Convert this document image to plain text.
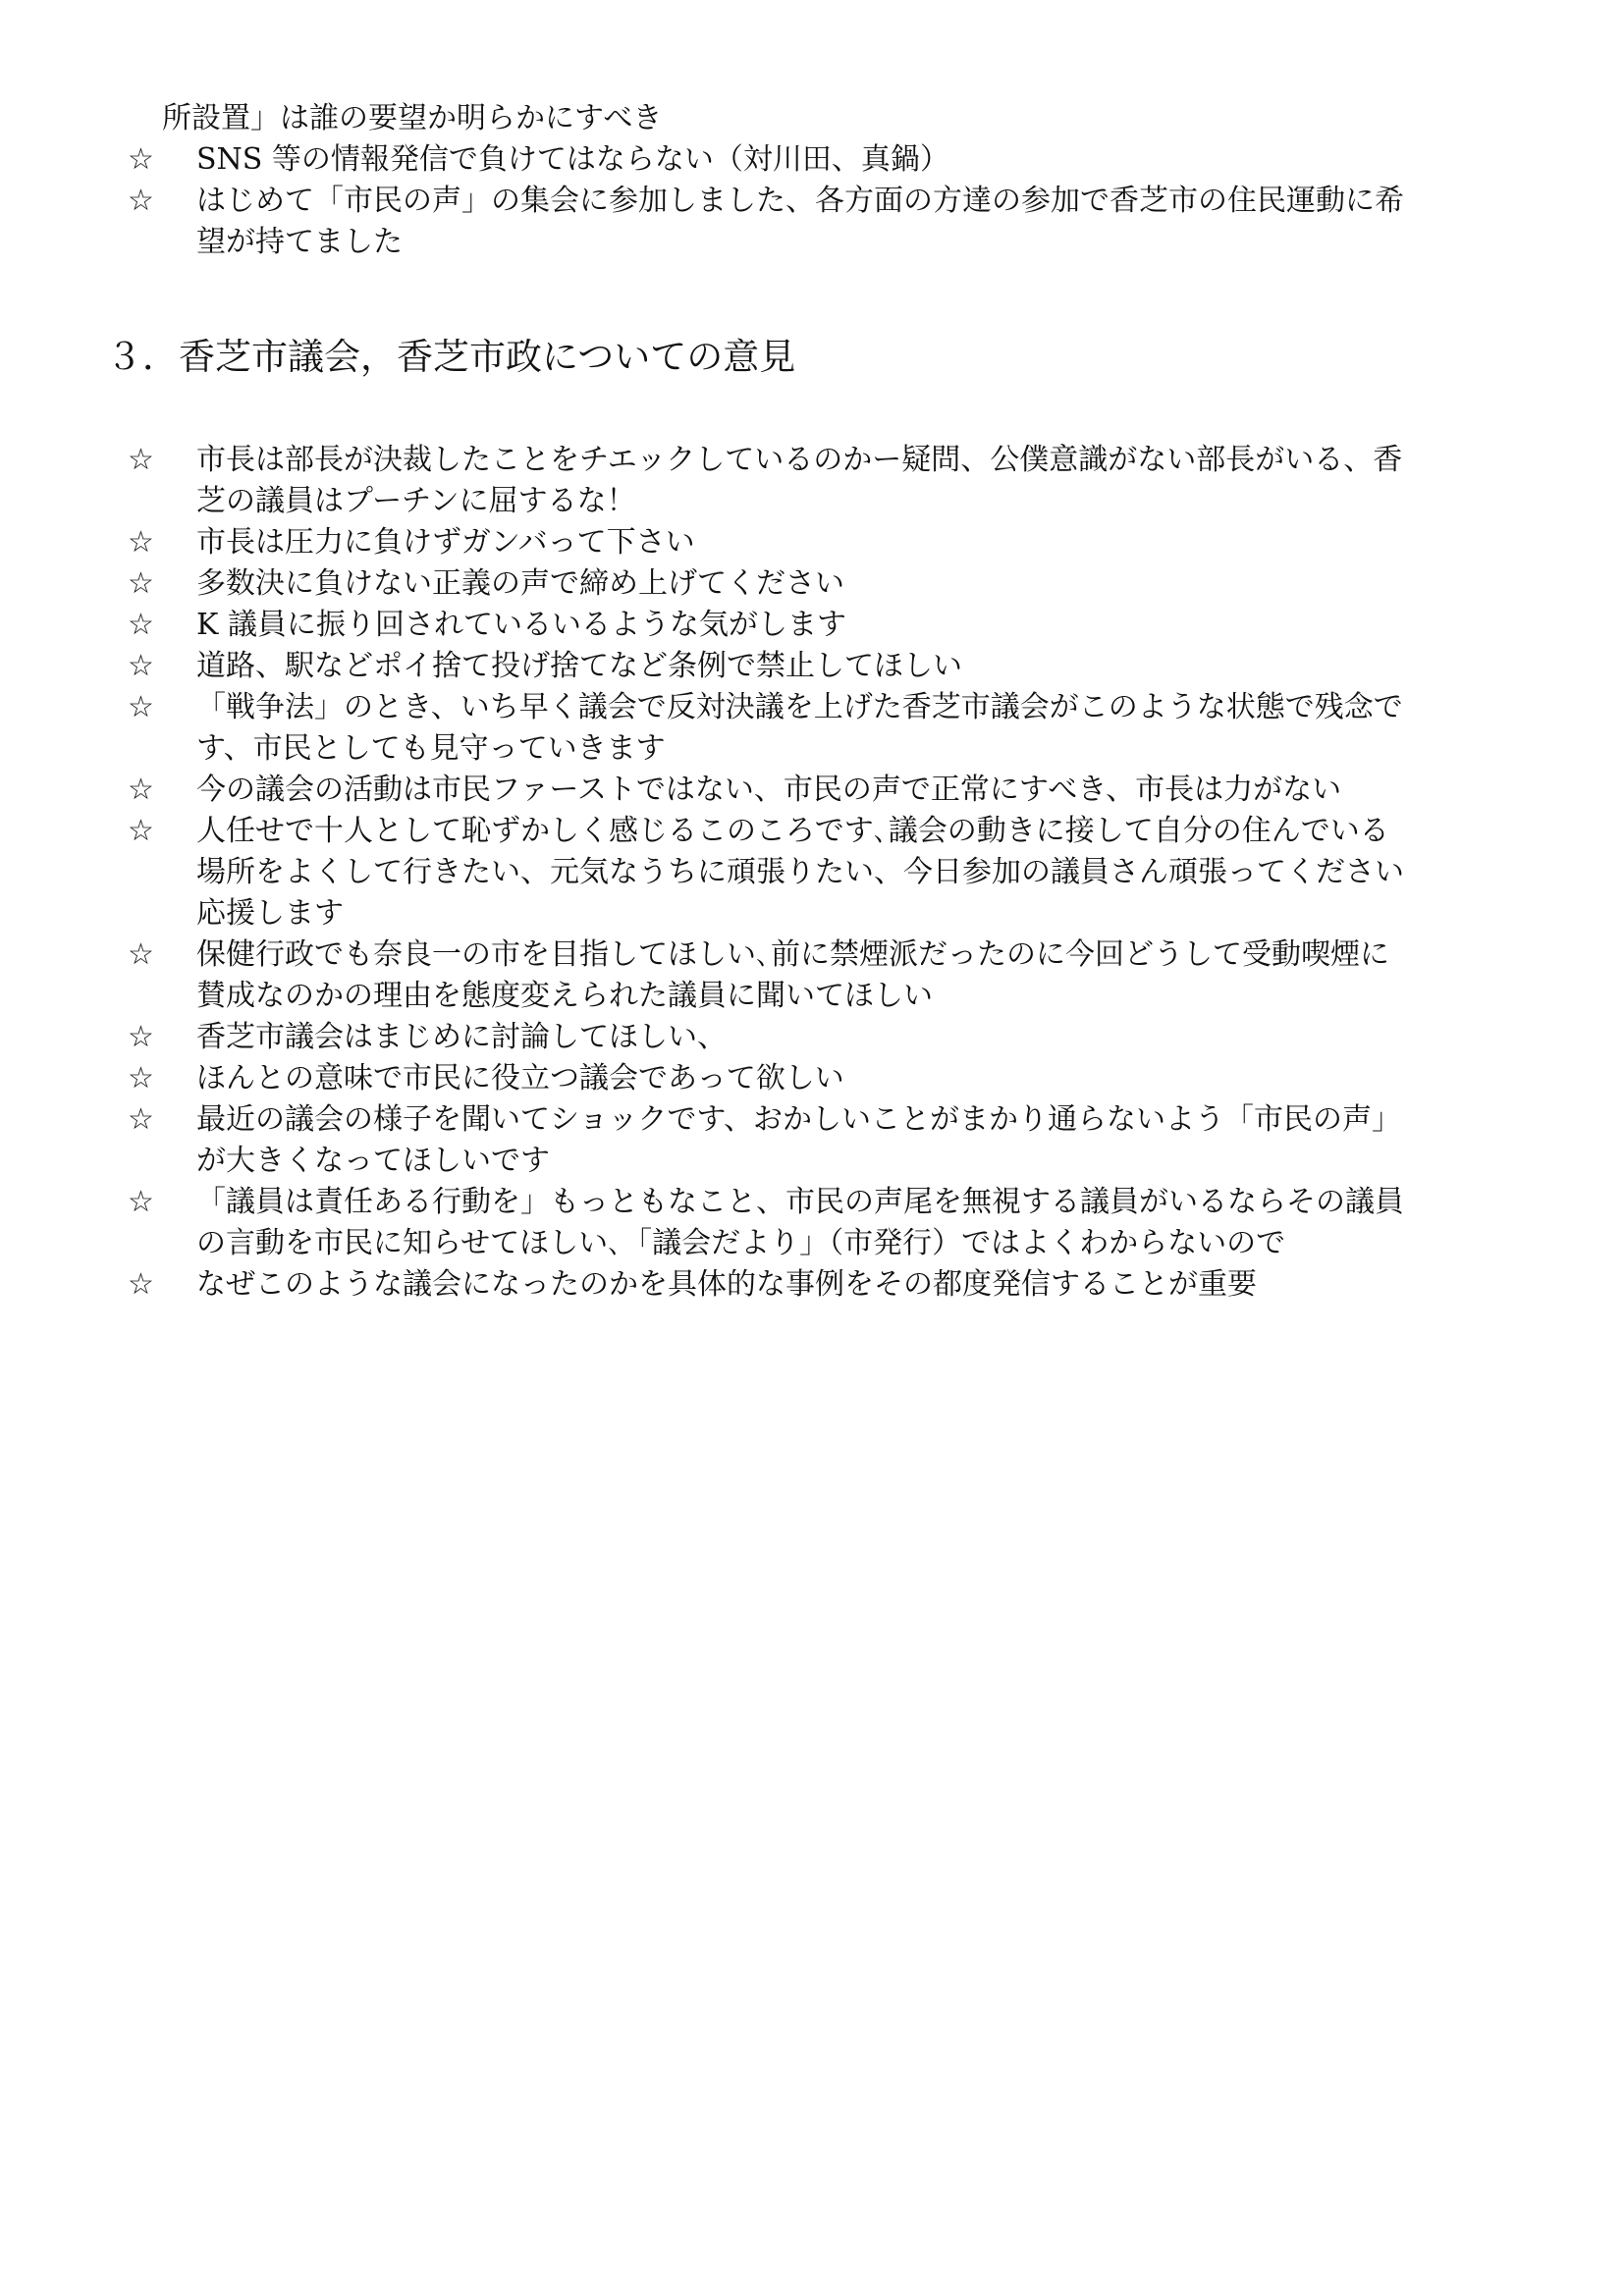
所設置」は誰の要望か明らかにすべき
☆	SNS 等の情報発信で負けてはならない（対川田、真鍋）
☆	はじめて「市民の声」の集会に参加しました、各方面の方達の参加で香芝市の住民運動に希
望が持てました
３．香芝市議会，香芝市政についての意見
☆	市長は部長が決裁したことをチエックしているのかー疑問、公僕意識がない部長がいる、香
芝の議員はプーチンに屈するな！
☆	市長は圧力に負けずガンバって下さい
☆	多数決に負けない正義の声で締め上げてください
☆	K 議員に振り回されているいるような気がします
☆	道路、駅などポイ捨て投げ捨てなど条例で禁止してほしい
☆	「戦争法」のとき、いち早く議会で反対決議を上げた香芝市議会がこのような状態で残念で
す、市民としても見守っていきます
☆	今の議会の活動は市民ファーストではない、市民の声で正常にすべき、市長は力がない
☆	人任せで十人として恥ずかしく感じるこのころです､議会の動きに接して自分の住んでいる
場所をよくして行きたい、元気なうちに頑張りたい、今日参加の議員さん頑張ってください
応援します
☆	保健行政でも奈良一の市を目指してほしい､前に禁煙派だったのに今回どうして受動喫煙に
賛成なのかの理由を態度変えられた議員に聞いてほしい
☆	香芝市議会はまじめに討論してほしい、
☆	ほんとの意味で市民に役立つ議会であって欲しい
☆	最近の議会の様子を聞いてショックです、おかしいことがまかり通らないよう「市民の声」
が大きくなってほしいです
☆	「議員は責任ある行動を」もっともなこと、市民の声尾を無視する議員がいるならその議員
の言動を市民に知らせてほしい､「議会だより」（市発行）ではよくわからないので
☆	なぜこのような議会になったのかを具体的な事例をその都度発信することが重要
